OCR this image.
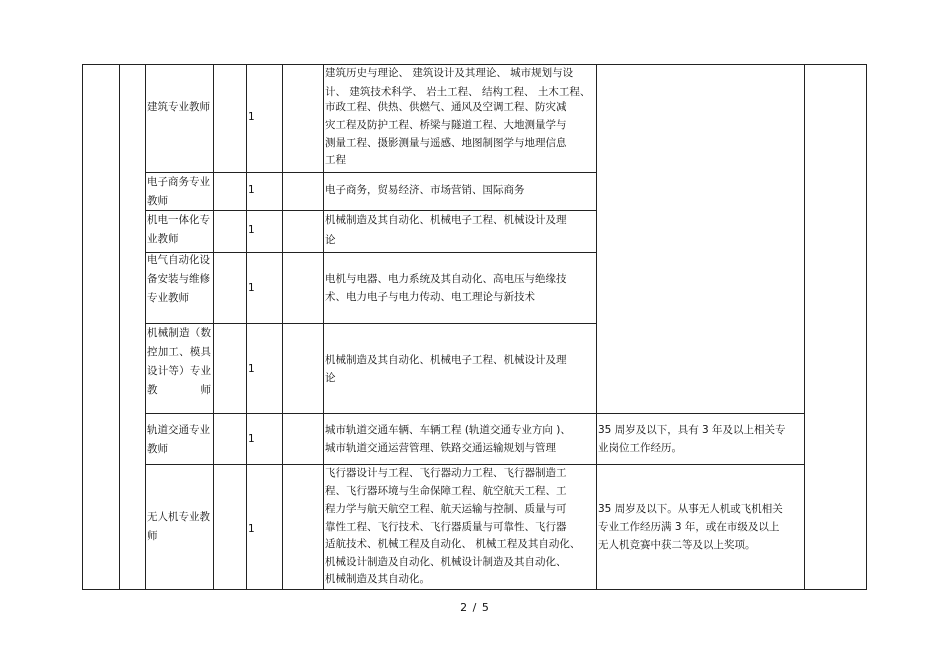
建筑专业教师
1
建筑历史与理论、 建筑设计及其理论、 城市规划与设
计、 建筑技术科学、 岩土工程、 结构工程、 土木工程、
市政工程、供热、供燃气、通风及空调工程、防灾减
灾工程及防护工程、桥梁与隧道工程、大地测量学与
测量工程、摄影测量与遥感、地图制图学与地理信息
工程
电子商务专业教师
1	电子商务，贸易经济、市场营销、国际商务
机电一体化专业教师
1
机械制造及其自动化、机械电子工程、机械设计及理
论
电气自动化设备安装与维修专业教师
1
电机与电器、电力系统及其自动化、高电压与绝缘技
术、电力电子与电力传动、电工理论与新技术
机械制造（数控加工、模具设计等）专业教师
1
机械制造及其自动化、机械电子工程、机械设计及理
论
轨道交通专业教师
1
城市轨道交通车辆、车辆工程 (轨道交通专业方向 )、
城市轨道交通运营管理、铁路交通运输规划与管理
35 周岁及以下，具有 3 年及以上相关专
业岗位工作经历。
无人机专业教师
1
飞行器设计与工程、飞行器动力工程、飞行器制造工
程、飞行器环境与生命保障工程、航空航天工程、工
程力学与航天航空工程、航天运输与控制、质量与可
靠性工程、飞行技术、飞行器质量与可靠性、飞行器
适航技术、机械工程及自动化、 机械工程及其自动化、
机械设计制造及自动化、机械设计制造及其自动化、
机械制造及其自动化。
35 周岁及以下。从事无人机或飞机相关
专业工作经历满 3 年，或在市级及以上
无人机竞赛中获二等及以上奖项。
2 / 5
